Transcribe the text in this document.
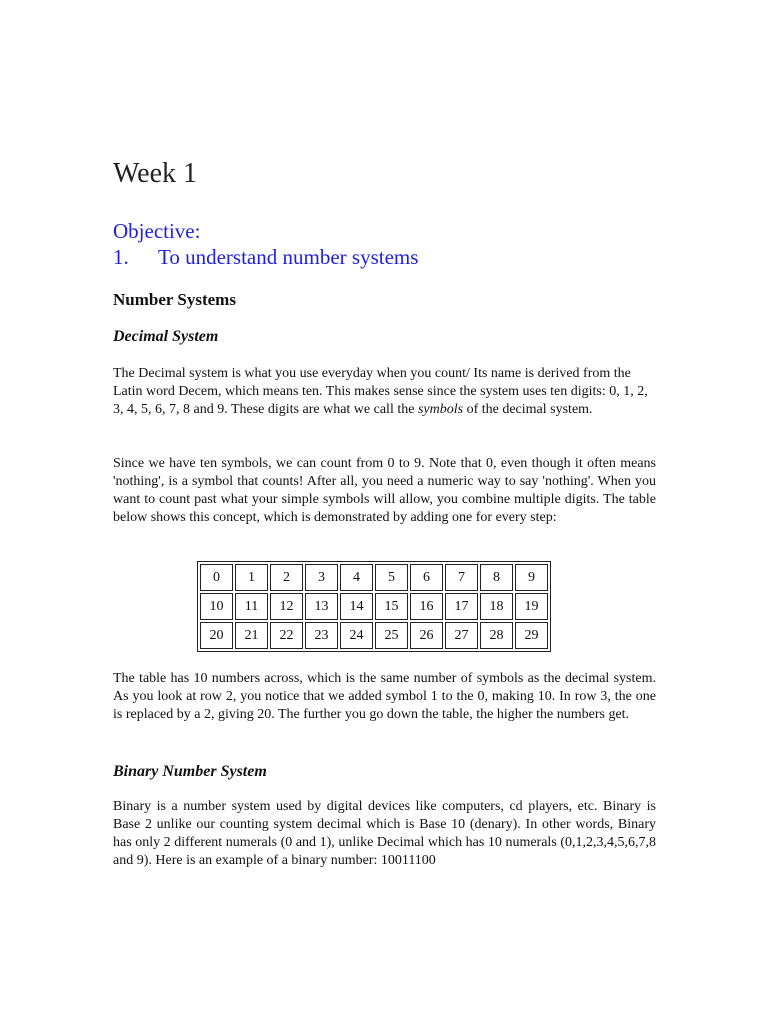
Week 1
Objective:
1. To understand number systems
Number Systems
Decimal System

The Decimal system is what you use everyday when you count/ Its name is derived from the Latin word Decem, which means ten. This makes sense since the system uses ten digits: 0, 1, 2, 3, 4, 5, 6, 7, 8 and 9. These digits are what we call the symbols of the decimal system.

Since we have ten symbols, we can count from 0 to 9. Note that 0, even though it often means 'nothing', is a symbol that counts! After all, you need a numeric way to say 'nothing'. When you want to count past what your simple symbols will allow, you combine multiple digits. The table below shows this concept, which is demonstrated by adding one for every step:

0	1	2	3	4	5	6	7	8	9
10	11	12	13	14	15	16	17	18	19
20	21	22	23	24	25	26	27	28	29

The table has 10 numbers across, which is the same number of symbols as the decimal system. As you look at row 2, you notice that we added symbol 1 to the 0, making 10. In row 3, the one is replaced by a 2, giving 20. The further you go down the table, the higher the numbers get.

Binary Number System

Binary is a number system used by digital devices like computers, cd players, etc. Binary is Base 2 unlike our counting system decimal which is Base 10 (denary). In other words, Binary has only 2 different numerals (0 and 1), unlike Decimal which has 10 numerals (0,1,2,3,4,5,6,7,8 and 9). Here is an example of a binary number: 10011100
